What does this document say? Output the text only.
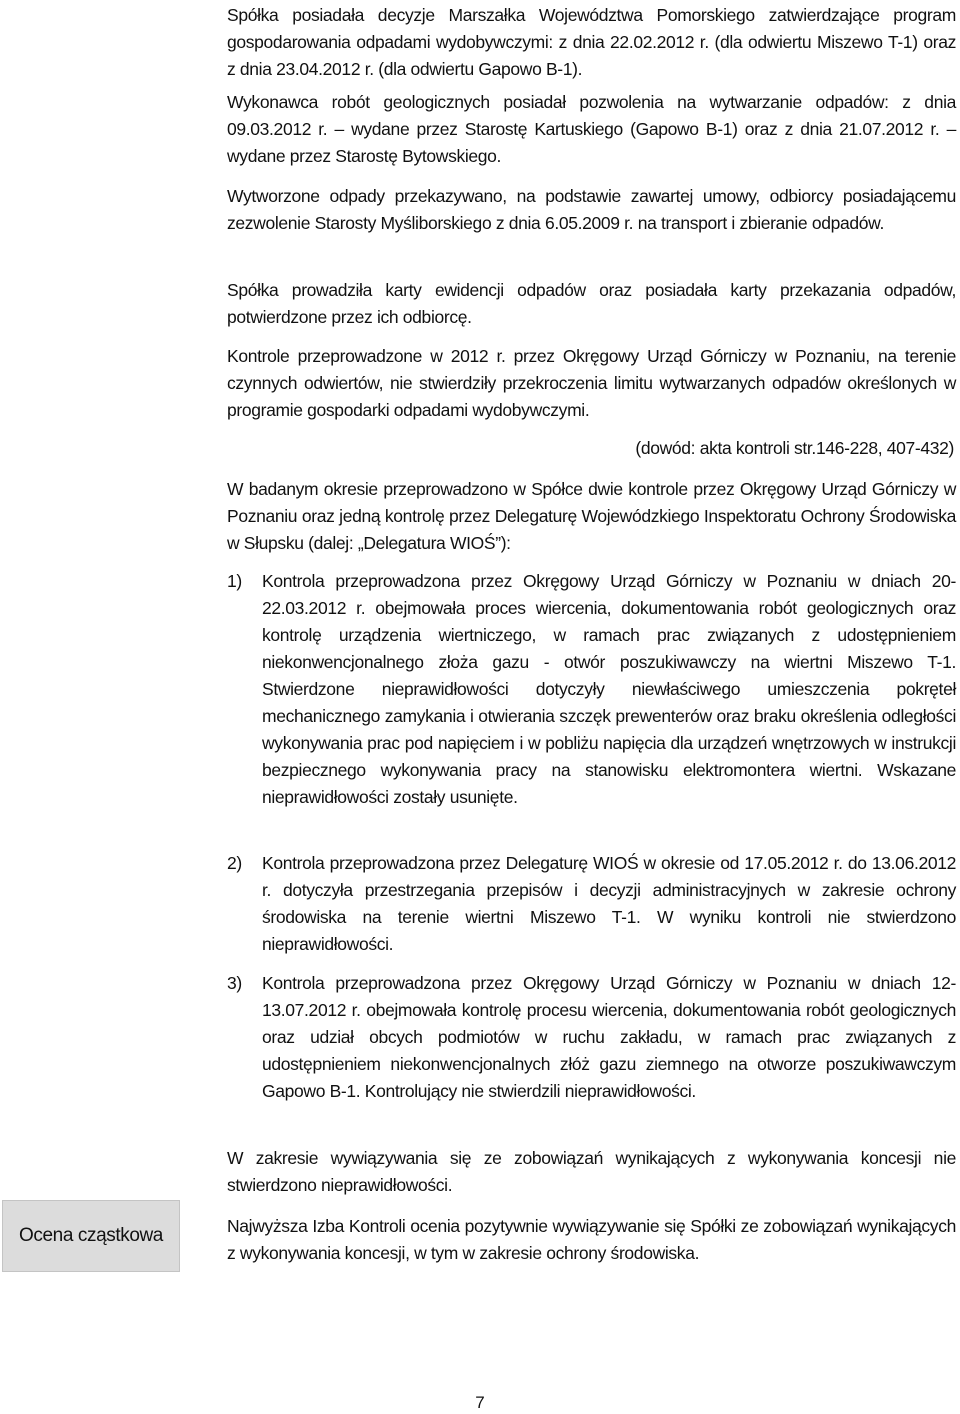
Spółka posiadała decyzje Marszałka Województwa Pomorskiego zatwierdzające program gospodarowania odpadami wydobywczymi: z dnia 22.02.2012 r. (dla odwiertu Miszewo T-1) oraz z dnia 23.04.2012 r. (dla odwiertu Gapowo B-1).

Wykonawca robót geologicznych posiadał pozwolenia na wytwarzanie odpadów: z dnia 09.03.2012 r. – wydane przez Starostę Kartuskiego (Gapowo B-1) oraz z dnia 21.07.2012 r. – wydane przez Starostę Bytowskiego.

Wytworzone odpady przekazywano, na podstawie zawartej umowy, odbiorcy posiadającemu zezwolenie Starosty Myśliborskiego z dnia 6.05.2009 r. na transport i zbieranie odpadów.

Spółka prowadziła karty ewidencji odpadów oraz posiadała karty przekazania odpadów, potwierdzone przez ich odbiorcę.

Kontrole przeprowadzone w 2012 r. przez Okręgowy Urząd Górniczy w Poznaniu, na terenie czynnych odwiertów, nie stwierdziły przekroczenia limitu wytwarzanych odpadów określonych w programie gospodarki odpadami wydobywczymi.

(dowód: akta kontroli str.146-228, 407-432)

W badanym okresie przeprowadzono w Spółce dwie kontrole przez Okręgowy Urząd Górniczy w Poznaniu oraz jedną kontrolę przez Delegaturę Wojewódzkiego Inspektoratu Ochrony Środowiska w Słupsku (dalej: „Delegatura WIOŚ”):

1) Kontrola przeprowadzona przez Okręgowy Urząd Górniczy w Poznaniu w dniach 20-22.03.2012 r. obejmowała proces wiercenia, dokumentowania robót geologicznych oraz kontrolę urządzenia wiertniczego, w ramach prac związanych z udostępnieniem niekonwencjonalnego złoża gazu - otwór poszukiwawczy na wiertni Miszewo T-1. Stwierdzone nieprawidłowości dotyczyły niewłaściwego umieszczenia pokręteł mechanicznego zamykania i otwierania szczęk prewenterów oraz braku określenia odległości wykonywania prac pod napięciem i w pobliżu napięcia dla urządzeń wnętrzowych w instrukcji bezpiecznego wykonywania pracy na stanowisku elektromontera wiertni. Wskazane nieprawidłowości zostały usunięte.

2) Kontrola przeprowadzona przez Delegaturę WIOŚ w okresie od 17.05.2012 r. do 13.06.2012 r. dotyczyła przestrzegania przepisów i decyzji administracyjnych w zakresie ochrony środowiska na terenie wiertni Miszewo T-1. W wyniku kontroli nie stwierdzono nieprawidłowości.

3) Kontrola przeprowadzona przez Okręgowy Urząd Górniczy w Poznaniu w dniach 12-13.07.2012 r. obejmowała kontrolę procesu wiercenia, dokumentowania robót geologicznych oraz udział obcych podmiotów w ruchu zakładu, w ramach prac związanych z udostępnieniem niekonwencjonalnych złóż gazu ziemnego na otworze poszukiwawczym Gapowo B-1. Kontrolujący nie stwierdzili nieprawidłowości.

W zakresie wywiązywania się ze zobowiązań wynikających z wykonywania koncesji nie stwierdzono nieprawidłowości.

Najwyższa Izba Kontroli ocenia pozytywnie wywiązywanie się Spółki ze zobowiązań wynikających z wykonywania koncesji, w tym w zakresie ochrony środowiska.

Ocena cząstkowa
7
